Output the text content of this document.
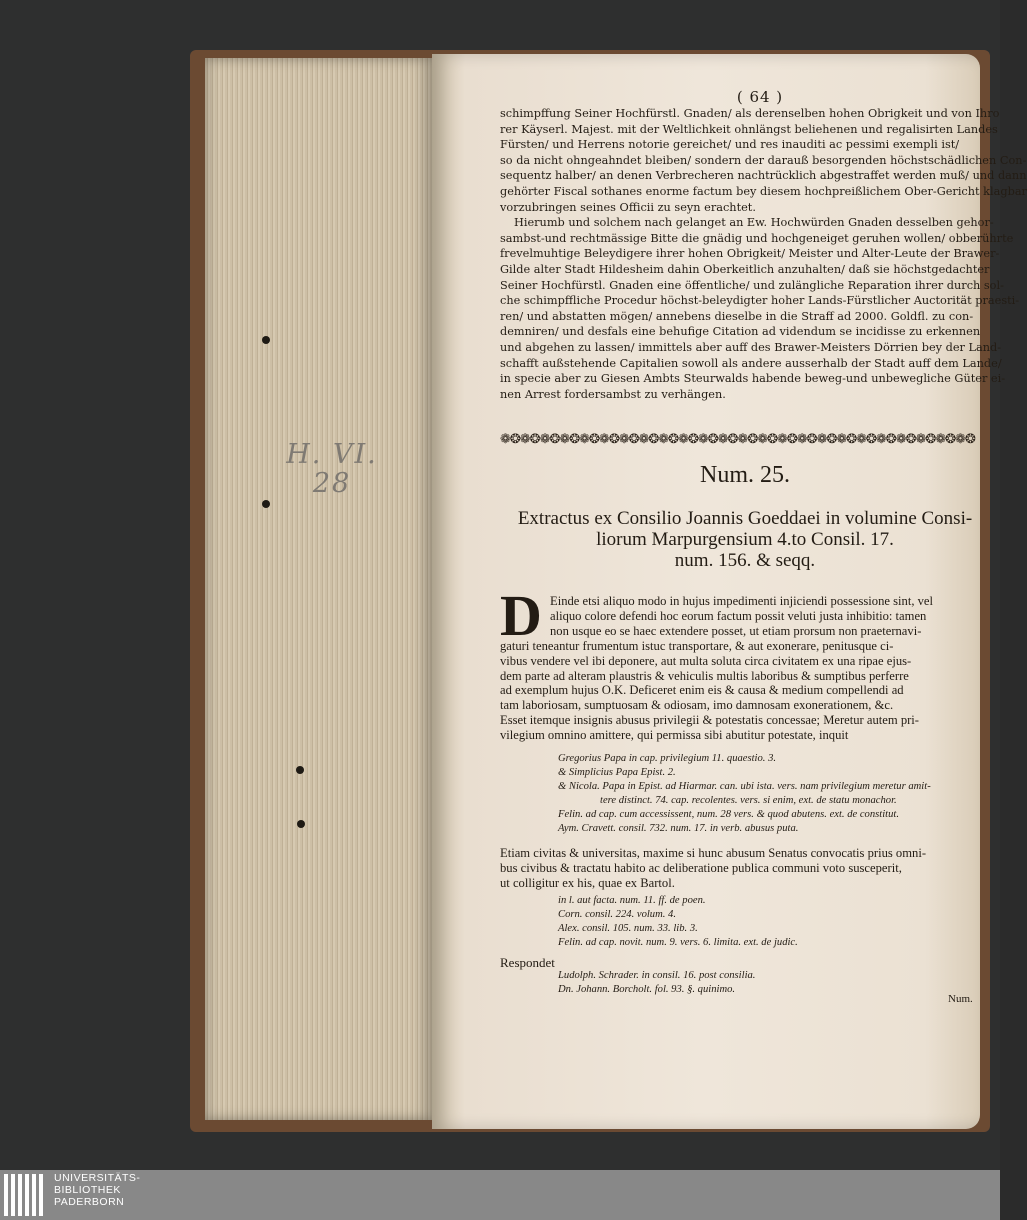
H. VI.
28
( 64 )
schimpffung Seiner Hochfürstl. Gnaden/ als derenselben hohen Obrigkeit und von Ihro
rer Käyserl. Majest. mit der Weltlichkeit ohnlängst beliehenen und regalisirten Landes
Fürsten/ und Herrens notorie gereichet/ und res inauditi ac pessimi exempli ist/
so da nicht ohngeahndet bleiben/ sondern der darauß besorgenden höchstschädlichen Con-
sequentz halber/ an denen Verbrecheren nachtrücklich abgestraffet werden muß/ und dann
gehörter Fiscal sothanes enorme factum bey diesem hochpreißlichem Ober-Gericht klagbar
vorzubringen seines Officii zu seyn erachtet.
Hierumb und solchem nach gelanget an Ew. Hochwürden Gnaden desselben gehor-
sambst-und rechtmässige Bitte die gnädig und hochgeneiget geruhen wollen/ obberührte
frevelmuhtige Beleydigere ihrer hohen Obrigkeit/ Meister und Alter-Leute der Brawer-
Gilde alter Stadt Hildesheim dahin Oberkeitlich anzuhalten/ daß sie höchstgedachter
Seiner Hochfürstl. Gnaden eine öffentliche/ und zulängliche Reparation ihrer durch sol-
che schimpffliche Procedur höchst-beleydigter hoher Lands-Fürstlicher Auctorität praesti-
ren/ und abstatten mögen/ annebens dieselbe in die Straff ad 2000. Goldfl. zu con-
demniren/ und desfals eine behufige Citation ad videndum se incidisse zu erkennen
und abgehen zu lassen/ immittels aber auff des Brawer-Meisters Dörrien bey der Land-
schafft außstehende Capitalien sowoll als andere ausserhalb der Stadt auff dem Lande/
in specie aber zu Giesen Ambts Steurwalds habende beweg-und unbewegliche Güter ei-
nen Arrest fordersambst zu verhängen.
❁❂❁❂❁❂❁❂❁❂❁❂❁❂❁❂❁❂❁❂❁❂❁❂❁❂❁❂❁❂❁❂❁❂❁❂❁❂❁❂❁❂❁❂❁❂❁❂
Num. 25.
Extractus ex Consilio Joannis Goeddaei in volumine Consi-
liorum Marpurgensium 4.to Consil. 17.
num. 156. & seqq.
D Einde etsi aliquo modo in hujus impedimenti injiciendi possessione sint, vel
aliquo colore defendi hoc eorum factum possit veluti justa inhibitio: tamen
non usque eo se haec extendere posset, ut etiam prorsum non praeternavi-
gaturi teneantur frumentum istuc transportare, & aut exonerare, penitusque ci-
vibus vendere vel ibi deponere, aut multa soluta circa civitatem ex una ripae ejus-
dem parte ad alteram plaustris & vehiculis multis laboribus & sumptibus perferre
ad exemplum hujus O.K. Deficeret enim eis & causa & medium compellendi ad
tam laboriosam, sumptuosam & odiosam, imo damnosam exonerationem, &c.
Esset itemque insignis abusus privilegii & potestatis concessae; Meretur autem pri-
vilegium omnino amittere, qui permissa sibi abutitur potestate, inquit
Gregorius Papa in cap. privilegium 11. quaestio. 3.
& Simplicius Papa Epist. 2.
& Nicola. Papa in Epist. ad Hiarmar. can. ubi ista. vers. nam privilegium meretur amit-
tere distinct. 74. cap. recolentes. vers. si enim, ext. de statu monachor.
Felin. ad cap. cum accessissent, num. 28 vers. & quod abutens. ext. de constitut.
Aym. Cravett. consil. 732. num. 17. in verb. abusus puta.
Etiam civitas & universitas, maxime si hunc abusum Senatus convocatis prius omni-
bus civibus & tractatu habito ac deliberatione publica communi voto susceperit,
ut colligitur ex his, quae ex Bartol.
in l. aut facta. num. 11. ff. de poen.
Corn. consil. 224. volum. 4.
Alex. consil. 105. num. 33. lib. 3.
Felin. ad cap. novit. num. 9. vers. 6. limita. ext. de judic.
Respondet
Ludolph. Schrader. in consil. 16. post consilia.
Dn. Johann. Borcholt. fol. 93. §. quinimo.
Num.
UNIVERSITÄTS-
BIBLIOTHEK
PADERBORN
